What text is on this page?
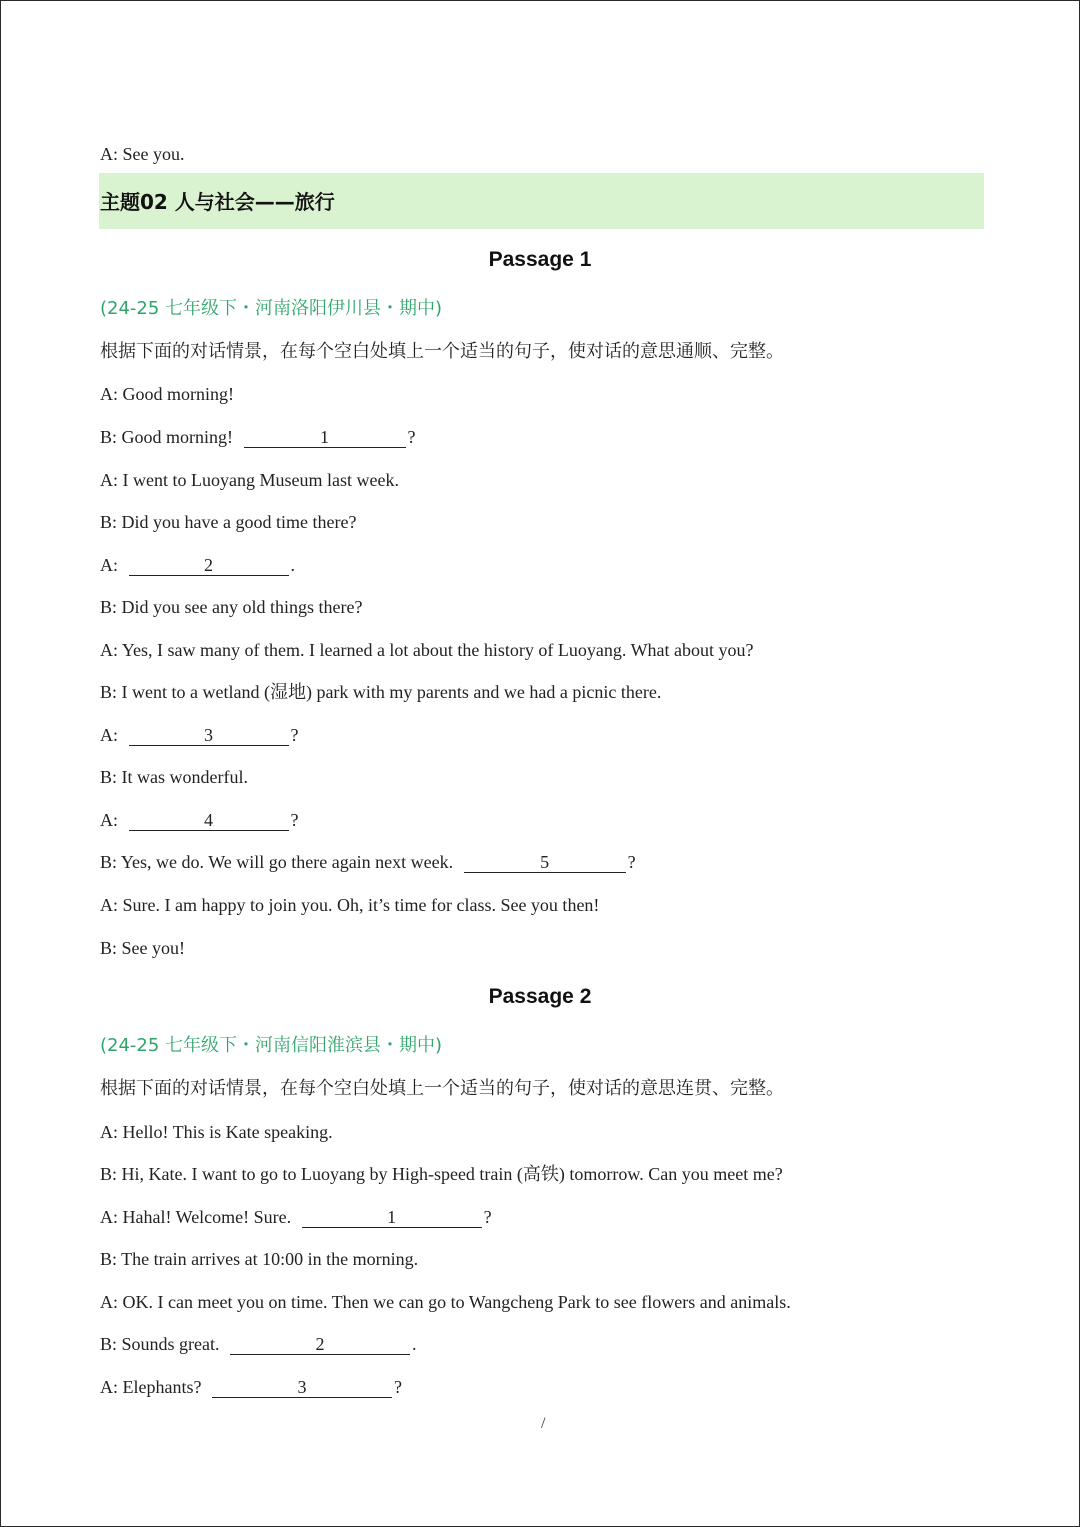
A: See you.
主题02 人与社会——旅行
Passage 1
(24-25 七年级下・河南洛阳伊川县・期中)
根据下面的对话情景，在每个空白处填上一个适当的句子，使对话的意思通顺、完整。
A: Good morning!
B: Good morning!	1	?
A: I went to Luoyang Museum last week.
B: Did you have a good time there?
A:	2	.
B: Did you see any old things there?
A: Yes, I saw many of them. I learned a lot about the history of Luoyang. What about you?
B: I went to a wetland (湿地) park with my parents and we had a picnic there.
A:	3	?
B: It was wonderful.
A:	4	?
B: Yes, we do. We will go there again next week.	5	?
A: Sure. I am happy to join you. Oh, it’s time for class. See you then!
B: See you!
Passage 2
(24-25 七年级下・河南信阳淮滨县・期中)
根据下面的对话情景，在每个空白处填上一个适当的句子，使对话的意思连贯、完整。
A: Hello! This is Kate speaking.
B: Hi, Kate. I want to go to Luoyang by High-speed train (高铁) tomorrow. Can you meet me?
A: Hahal! Welcome! Sure.	1	?
B: The train arrives at 10:00 in the morning.
A: OK. I can meet you on time. Then we can go to Wangcheng Park to see flowers and animals.
B: Sounds great.	2	.
A: Elephants?	3	?
/
